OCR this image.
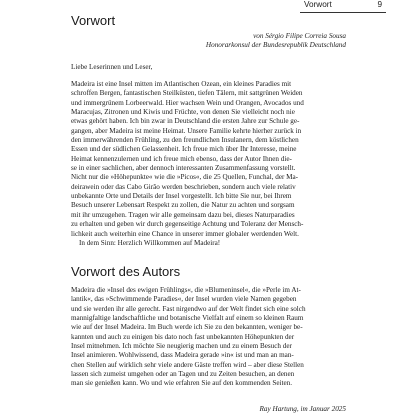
Vorwort	9
Vorwort
von Sérgio Filipe Correia Sousa
Honorarkonsul der Bundesrepublik Deutschland
Liebe Leserinnen und Leser,
Madeira ist eine Insel mitten im Atlantischen Ozean, ein kleines Paradies mit
schroffen Bergen, fantastischen Steilküsten, tiefen Tälern, mit sattgrünen Weiden
und immergrünem Lorbeerwald. Hier wachsen Wein und Orangen, Avocados und
Maracujas, Zitronen und Kiwis und Früchte, von denen Sie vielleicht noch nie
etwas gehört haben. Ich bin zwar in Deutschland die ersten Jahre zur Schule ge-
gangen, aber Madeira ist meine Heimat. Unsere Familie kehrte hierher zurück in
den immerwährenden Frühling, zu den freundlichen Insulanern, dem köstlichen
Essen und der südlichen Gelassenheit. Ich freue mich über Ihr Interesse, meine
Heimat kennenzulernen und ich freue mich ebenso, dass der Autor Ihnen die-
se in einer sachlichen, aber dennoch interessanten Zusammenfassung vorstellt.
Nicht nur die »Höhepunkte« wie die »Picos«, die 25 Quellen, Funchal, der Ma-
deirawein oder das Cabo Girão werden beschrieben, sondern auch viele relativ
unbekannte Orte und Details der Insel vorgestellt. Ich bitte Sie nur, bei Ihrem
Besuch unserer Lebensart Respekt zu zollen, die Natur zu achten und sorgsam
mit ihr umzugehen. Tragen wir alle gemeinsam dazu bei, dieses Naturparadies
zu erhalten und geben wir durch gegenseitige Achtung und Toleranz der Mensch-
lichkeit auch weiterhin eine Chance in unserer immer globaler werdenden Welt.
In dem Sinn: Herzlich Willkommen auf Madeira!
Vorwort des Autors
Madeira die »Insel des ewigen Frühlings«, die »Blumeninsel«, die »Perle im At-
lantik«, das »Schwimmende Paradies«, der Insel wurden viele Namen gegeben
und sie werden ihr alle gerecht. Fast nirgendwo auf der Welt findet sich eine solch
mannigfaltige landschaftliche und botanische Vielfalt auf einem so kleinen Raum
wie auf der Insel Madeira. Im Buch werde ich Sie zu den bekannten, weniger be-
kannten und auch zu einigen bis dato noch fast unbekannten Höhepunkten der
Insel mitnehmen. Ich möchte Sie neugierig machen und zu einem Besuch der
Insel animieren. Wohlwissend, dass Madeira gerade »in« ist und man an man-
chen Stellen auf wirklich sehr viele andere Gäste treffen wird – aber diese Stellen
lassen sich zumeist umgehen oder an Tagen und zu Zeiten besuchen, an denen
man sie genießen kann. Wo und wie erfahren Sie auf den kommenden Seiten.
Ray Hartung, im Januar 2025
